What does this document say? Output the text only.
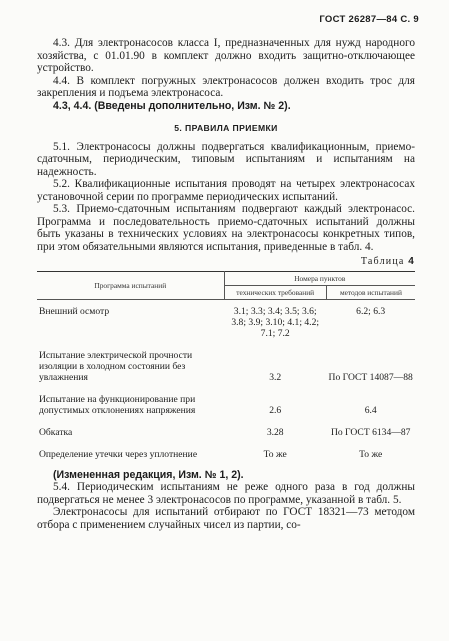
ГОСТ 26287—84 С. 9

4.3. Для электронасосов класса I, предназначенных для нужд народного хозяйства, с 01.01.90 в комплект должно входить защитно-отключающее устройство.

4.4. В комплект погружных электронасосов должен входить трос для закрепления и подъема электронасоса.

4.3, 4.4. (Введены дополнительно, Изм. № 2).

5. ПРАВИЛА ПРИЕМКИ

5.1. Электронасосы должны подвергаться квалификационным, приемо-сдаточным, периодическим, типовым испытаниям и испытаниям на надежность.

5.2. Квалификационные испытания проводят на четырех электронасосах установочной серии по программе периодических испытаний.

5.3. Приемо-сдаточным испытаниям подвергают каждый электронасос. Программа и последовательность приемо-сдаточных испытаний должны быть указаны в технических условиях на электронасосы конкретных типов, при этом обязательными являются испытания, приведенные в табл. 4.

Таблица 4
Программа испытаний	Номера пунктов	
	технических требований	методов испытаний
Внешний осмотр	3.1; 3.3; 3.4; 3.5; 3.6; 3.8; 3.9; 3.10; 4.1; 4.2; 7.1; 7.2	6.2; 6.3
Испытание электрической прочности изоляции в холодном состоянии без увлажнения	3.2	По ГОСТ 14087—88
Испытание на функционирование при допустимых отклонениях напряжения	2.6	6.4
Обкатка	3.28	По ГОСТ 6134—87
Определение утечки через уплотнение	То же	То же

(Измененная редакция, Изм. № 1, 2).

5.4. Периодическим испытаниям не реже одного раза в год должны подвергаться не менее 3 электронасосов по программе, указанной в табл. 5.

Электронасосы для испытаний отбирают по ГОСТ 18321—73 методом отбора с применением случайных чисел из партии, со-
